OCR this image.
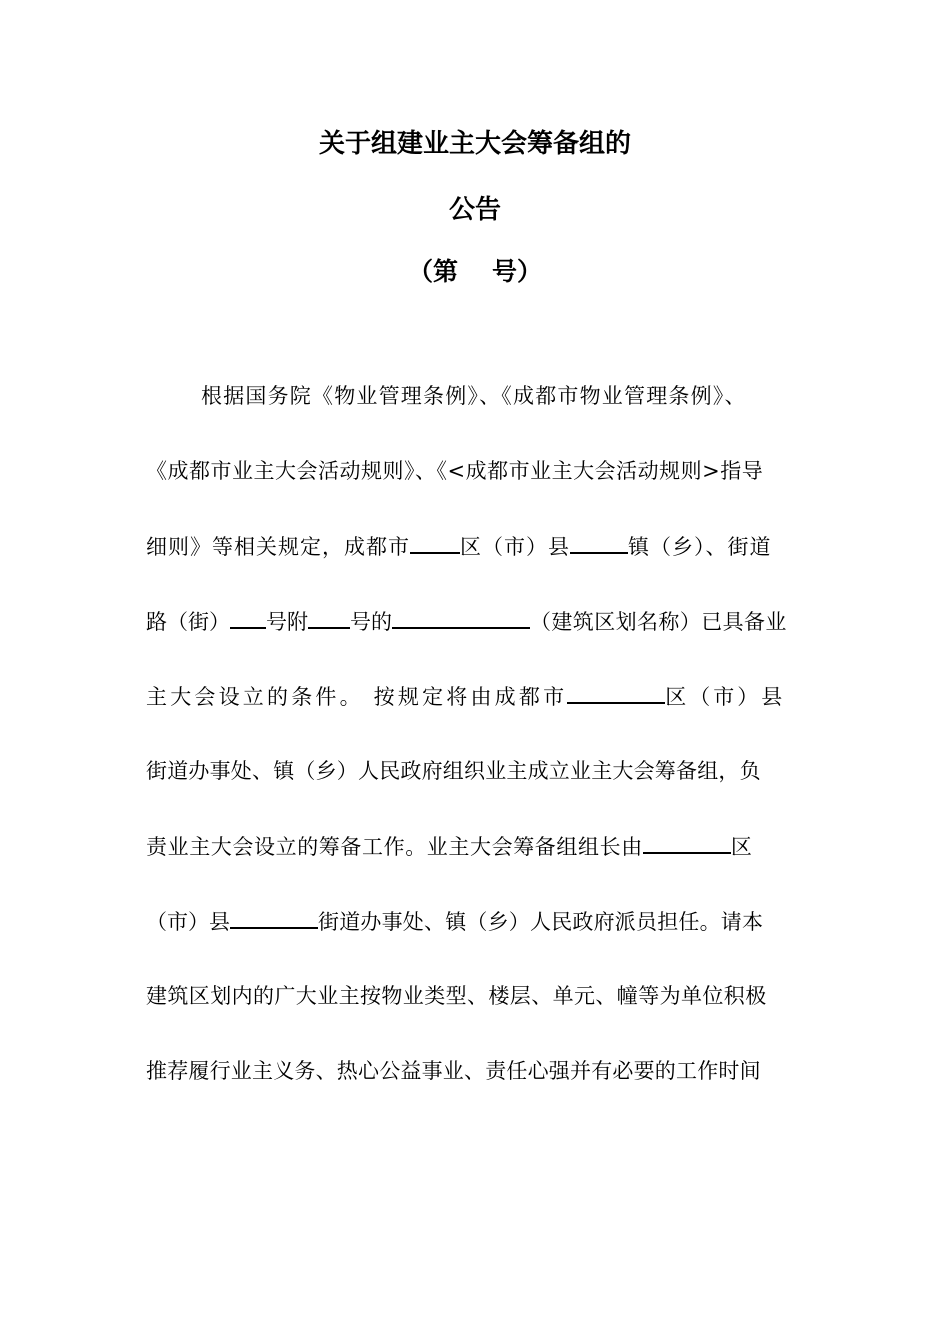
关于组建业主大会筹备组的
公告
（第 号）
根据国务院《物业管理条例》、《成都市物业管理条例》、
《成都市业主大会活动规则》、《<成都市业主大会活动规则>指导
细则》等相关规定，成都市 区（市）县	镇（乡）、街道
路（街） 号附 号的	（建筑区划名称）已具备业
主大会设立的条件。 按规定将由成都市	区（市）县
街道办事处、镇（乡）人民政府组织业主成立业主大会筹备组，负
责业主大会设立的筹备工作。业主大会筹备组组长由	区
（市）县	街道办事处、镇（乡）人民政府派员担任。请本
建筑区划内的广大业主按物业类型、楼层、单元、幢等为单位积极
推荐履行业主义务、热心公益事业、责任心强并有必要的工作时间
